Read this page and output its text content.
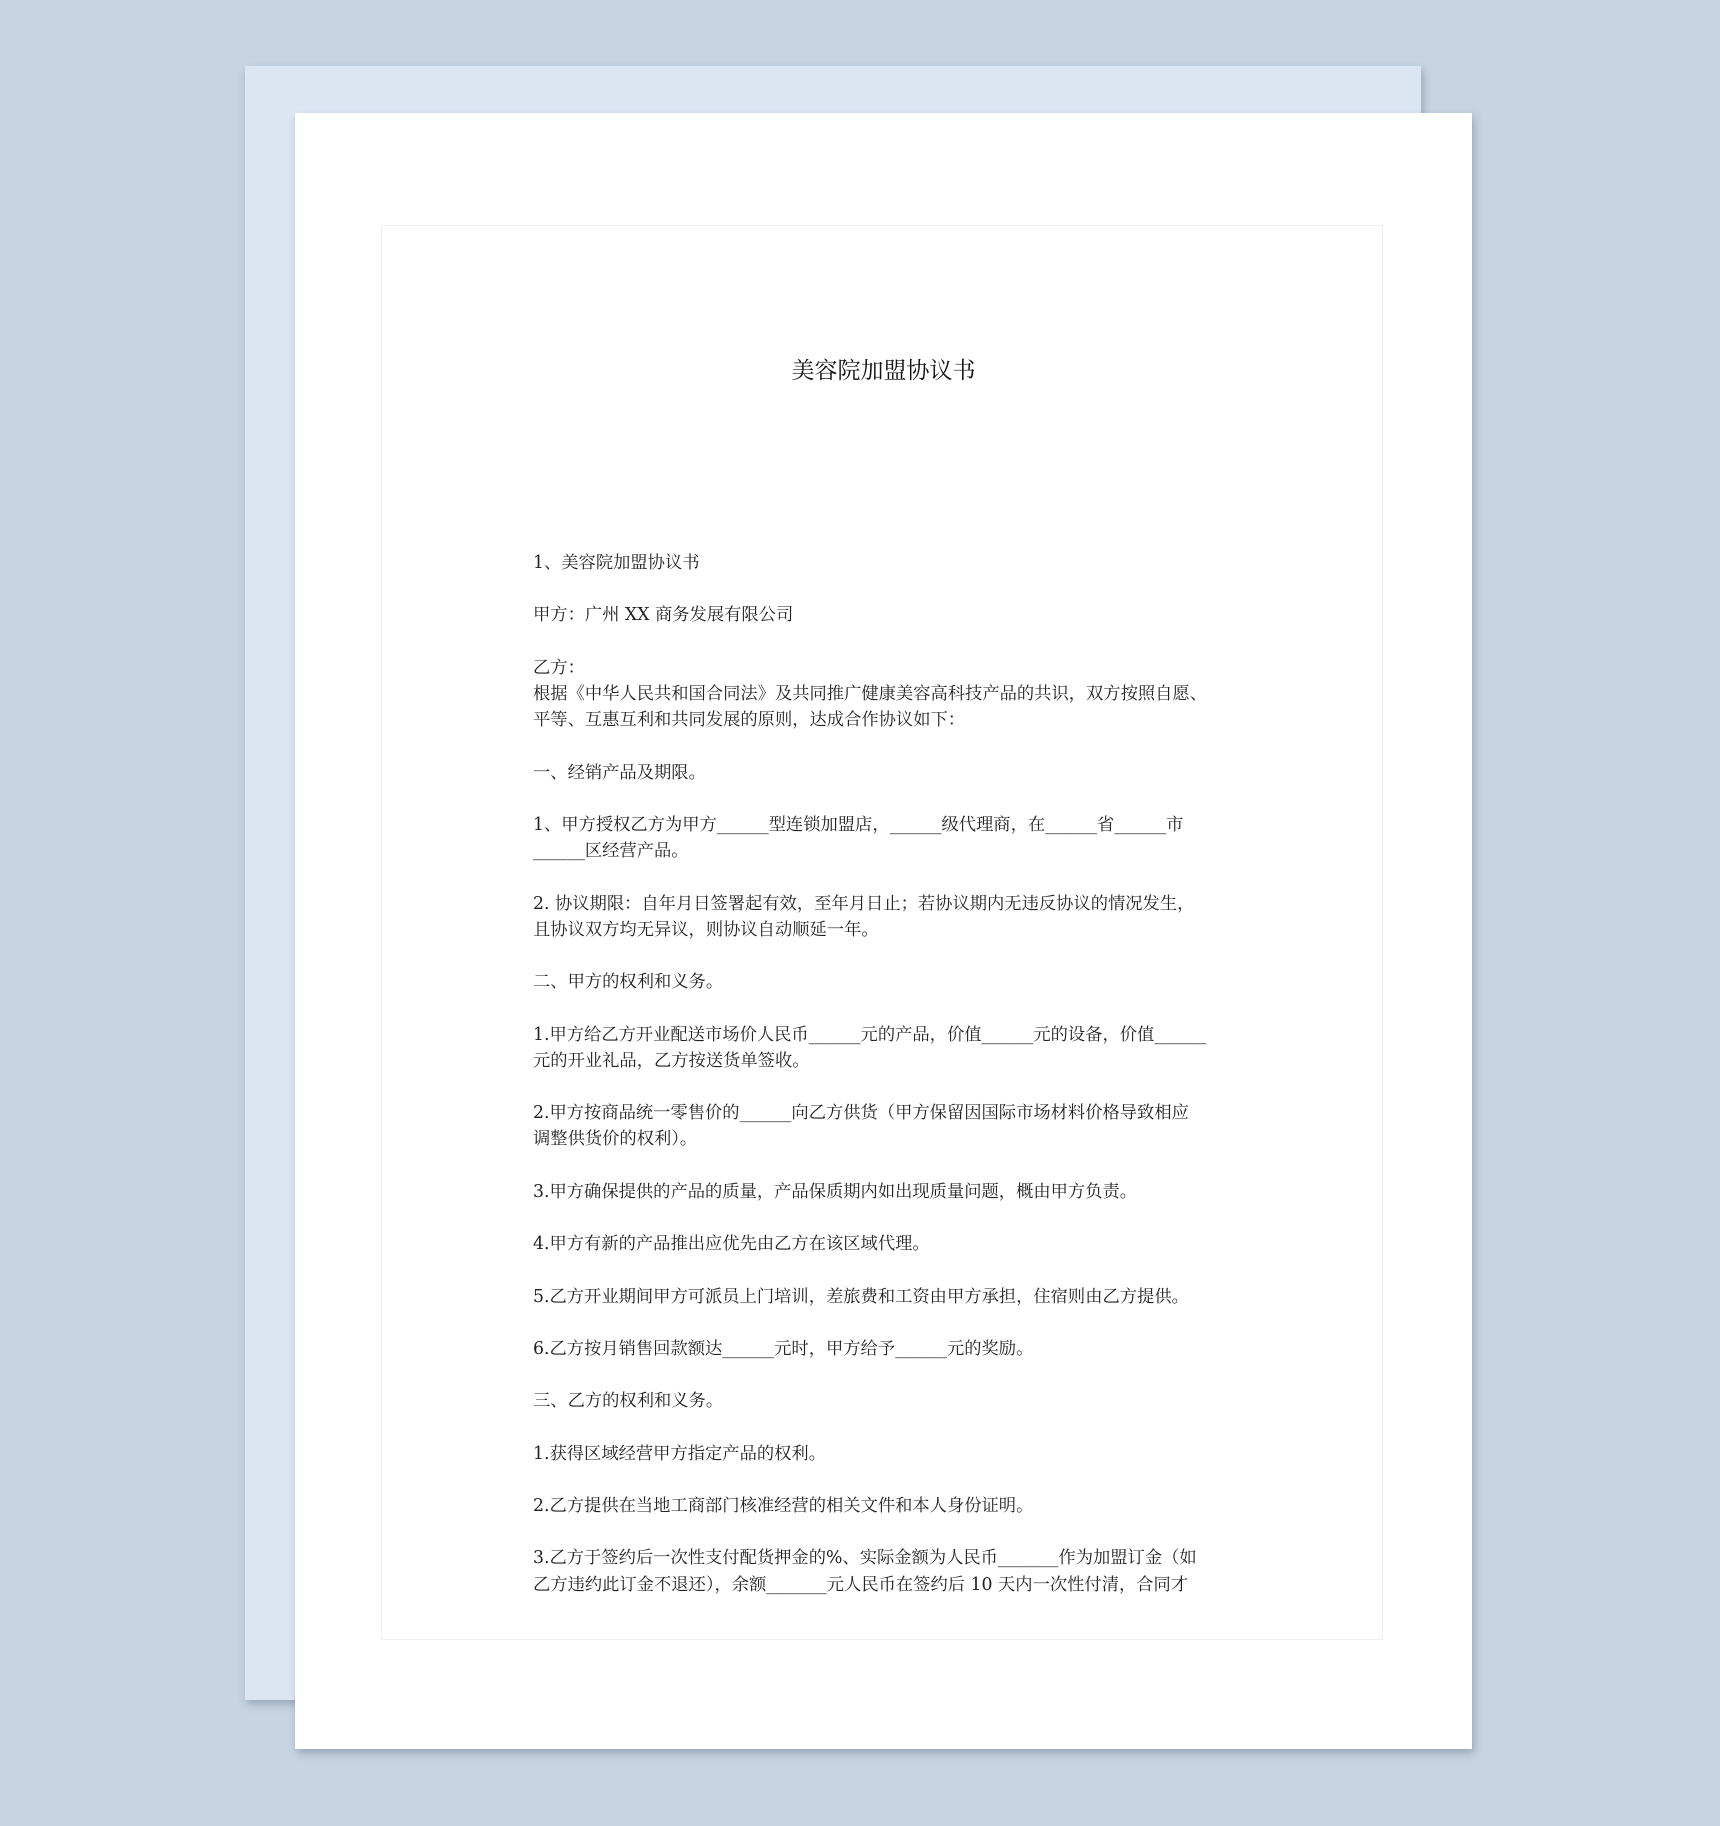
美容院加盟协议书
1、美容院加盟协议书
甲方：广州 XX 商务发展有限公司
乙方：
根据《中华人民共和国合同法》及共同推广健康美容高科技产品的共识，双方按照自愿、
平等、互惠互利和共同发展的原则，达成合作协议如下：
一、经销产品及期限。
1、甲方授权乙方为甲方______型连锁加盟店，______级代理商，在______省______市
______区经营产品。
2. 协议期限：自年月日签署起有效，至年月日止；若协议期内无违反协议的情况发生，
且协议双方均无异议，则协议自动顺延一年。
二、甲方的权利和义务。
1.甲方给乙方开业配送市场价人民币______元的产品，价值______元的设备，价值______
元的开业礼品，乙方按送货单签收。
2.甲方按商品统一零售价的______向乙方供货（甲方保留因国际市场材料价格导致相应
调整供货价的权利）。
3.甲方确保提供的产品的质量，产品保质期内如出现质量问题，概由甲方负责。
4.甲方有新的产品推出应优先由乙方在该区域代理。
5.乙方开业期间甲方可派员上门培训，差旅费和工资由甲方承担，住宿则由乙方提供。
6.乙方按月销售回款额达______元时，甲方给予______元的奖励。
三、乙方的权利和义务。
1.获得区域经营甲方指定产品的权利。
2.乙方提供在当地工商部门核准经营的相关文件和本人身份证明。
3.乙方于签约后一次性支付配货押金的%、实际金额为人民币_______作为加盟订金（如
乙方违约此订金不退还），余额_______元人民币在签约后 10 天内一次性付清，合同才
